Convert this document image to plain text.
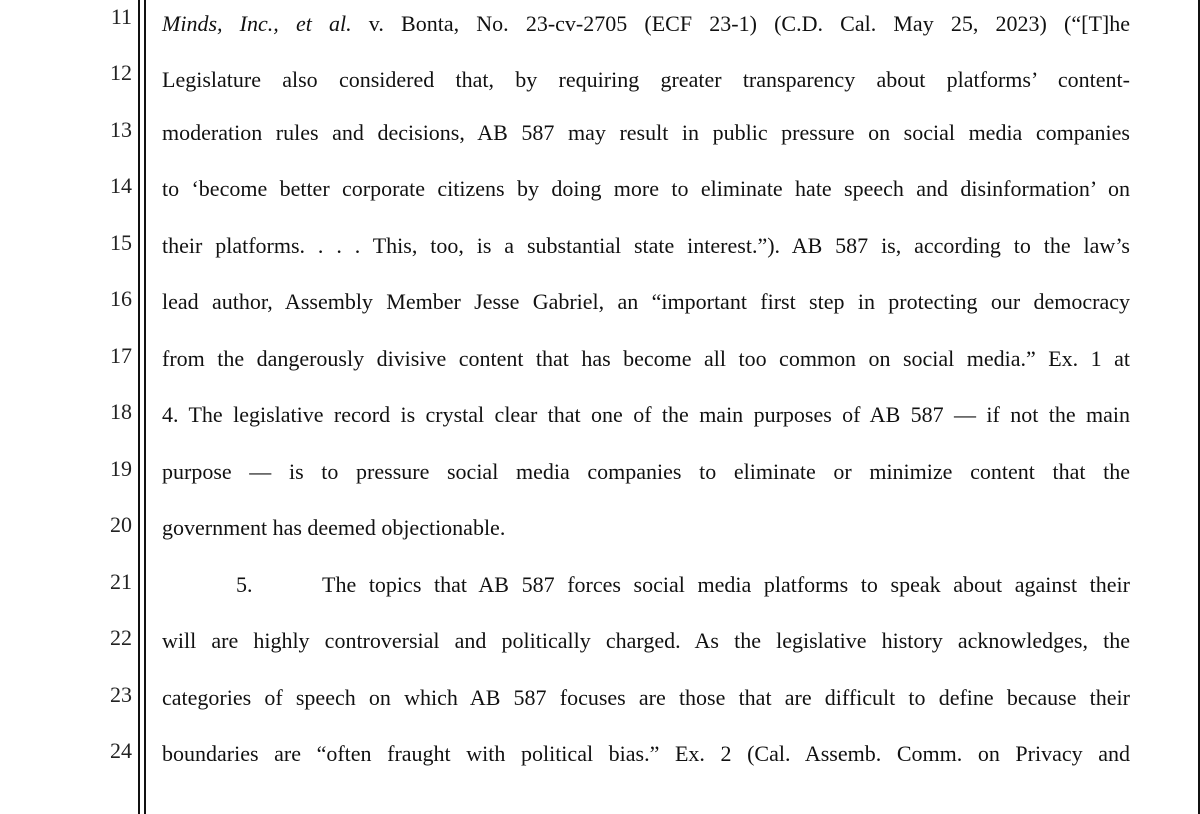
11
12
13
14
15
16
17
18
19
20
21
22
23
24
Minds, Inc., et al. v. Bonta, No. 23-cv-2705 (ECF 23-1) (C.D. Cal. May 25, 2023) (“[T]he
Legislature also considered that, by requiring greater transparency about platforms’ content-
moderation rules and decisions, AB 587 may result in public pressure on social media companies
to ‘become better corporate citizens by doing more to eliminate hate speech and disinformation’ on
their platforms. . . . This, too, is a substantial state interest.”). AB 587 is, according to the law’s
lead author, Assembly Member Jesse Gabriel, an “important first step in protecting our democracy
from the dangerously divisive content that has become all too common on social media.” Ex. 1 at
4. The legislative record is crystal clear that one of the main purposes of AB 587 — if not the main
purpose — is to pressure social media companies to eliminate or minimize content that the
government has deemed objectionable.
5.	The topics that AB 587 forces social media platforms to speak about against their
will are highly controversial and politically charged. As the legislative history acknowledges, the
categories of speech on which AB 587 focuses are those that are difficult to define because their
boundaries are “often fraught with political bias.” Ex. 2 (Cal. Assemb. Comm. on Privacy and
